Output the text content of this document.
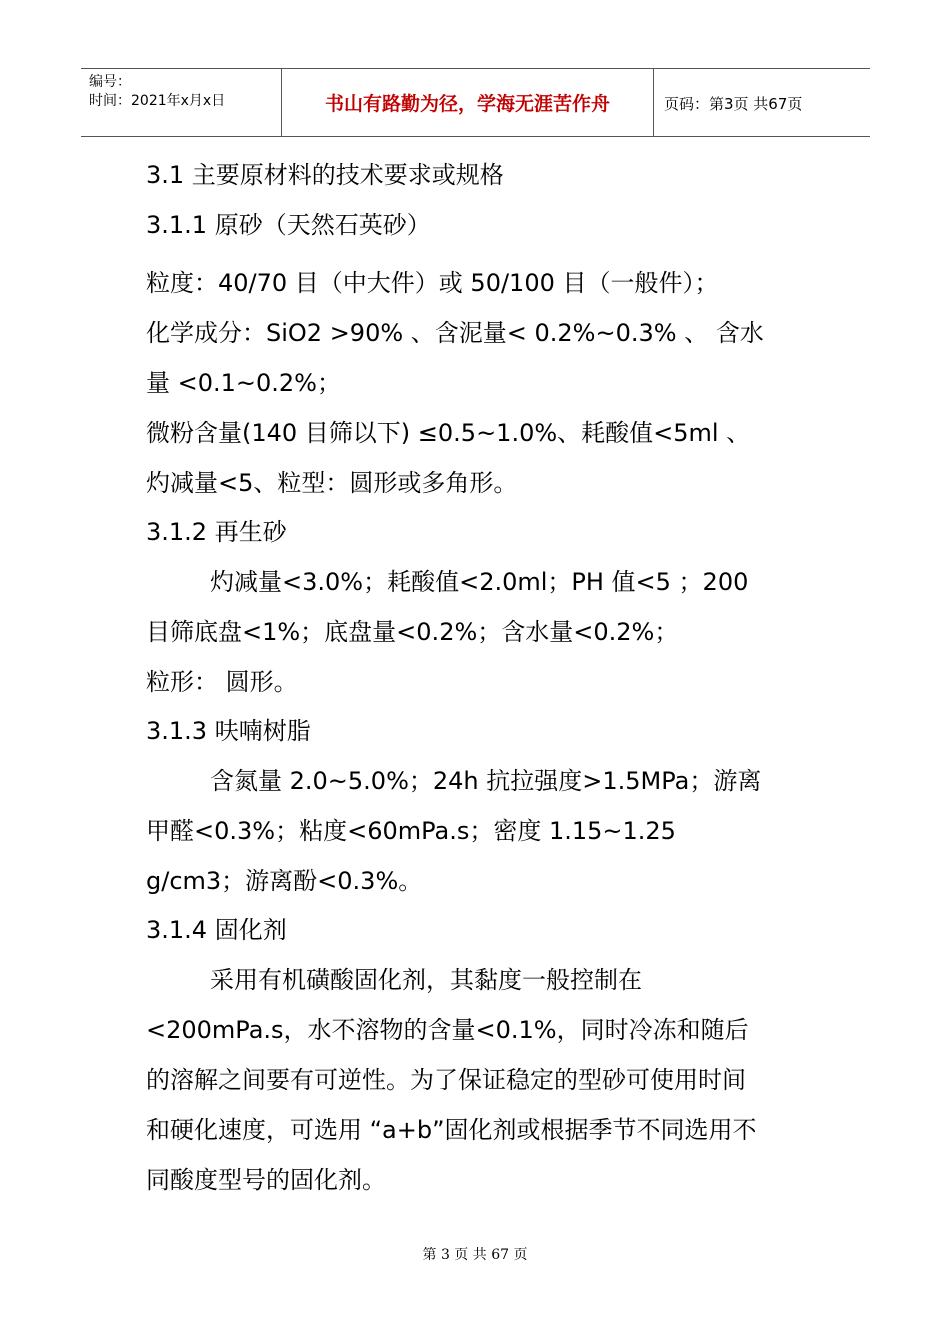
编号：
时间：2021年x月x日	书山有路勤为径，学海无涯苦作舟	页码：第3页 共67页
3.1 主要原材料的技术要求或规格
3.1.1 原砂（天然石英砂）
粒度：40/70 目（中大件）或 50/100 目（一般件）；
化学成分：SiO2 >90% 、含泥量< 0.2%~0.3% 、 含水
量 <0.1~0.2%；
微粉含量(140 目筛以下) ≤0.5~1.0%、耗酸值<5ml 、
灼减量<5、粒型：圆形或多角形。
3.1.2 再生砂
灼减量<3.0%；耗酸值<2.0ml；PH 值<5 ；200
目筛底盘<1%；底盘量<0.2%；含水量<0.2%；
粒形： 圆形。
3.1.3 呋喃树脂
含氮量 2.0~5.0%；24h 抗拉强度>1.5MPa；游离
甲醛<0.3%；粘度<60mPa.s；密度 1.15~1.25
g/cm3；游离酚<0.3%。
3.1.4 固化剂
采用有机磺酸固化剂，其黏度一般控制在
<200mPa.s，水不溶物的含量<0.1%，同时冷冻和随后
的溶解之间要有可逆性。为了保证稳定的型砂可使用时间
和硬化速度，可选用 “a+b”固化剂或根据季节不同选用不
同酸度型号的固化剂。
第 3 页 共 67 页
